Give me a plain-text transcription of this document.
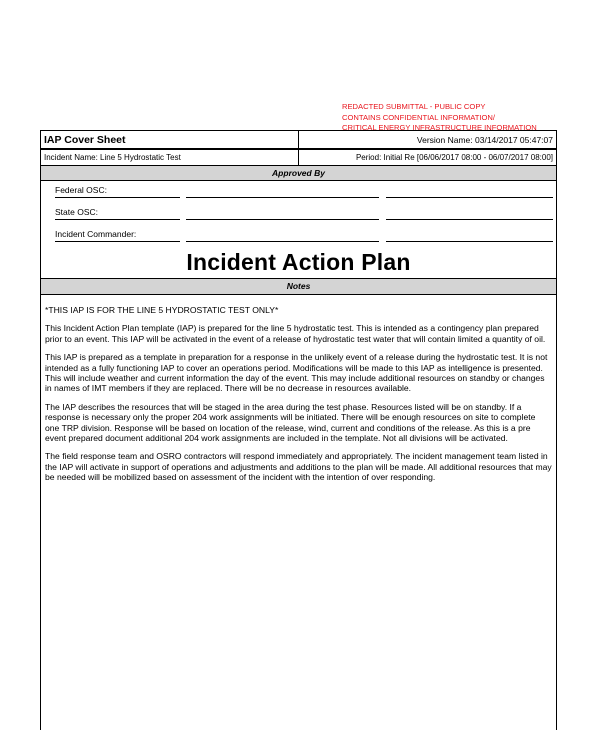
REDACTED SUBMITTAL - PUBLIC COPY
CONTAINS CONFIDENTIAL INFORMATION/
CRITICAL ENERGY INFRASTRUCTURE INFORMATION
IAP Cover Sheet	Version Name: 03/14/2017 05:47:07
Incident Name: Line 5 Hydrostatic Test	Period: Initial Re [06/06/2017 08:00 - 06/07/2017 08:00]
Approved By
Federal OSC:
State OSC:
Incident Commander:
Incident Action Plan
Notes

*THIS IAP IS FOR THE LINE 5 HYDROSTATIC TEST ONLY*

This Incident Action Plan template (IAP) is prepared for the line 5 hydrostatic test. This is intended as a contingency plan prepared prior to an event. This IAP will be activated in the event of a release of hydrostatic test water that will contain limited a quantity of oil.

This IAP is prepared as a template in preparation for a response in the unlikely event of a release during the hydrostatic test. It is not intended as a fully functioning IAP to cover an operations period. Modifications will be made to this IAP as intelligence is presented. This will include weather and current information the day of the event. This may include additional resources on standby or changes in names of IMT members if they are replaced. There will be no decrease in resources available.

The IAP describes the resources that will be staged in the area during the test phase. Resources listed will be on standby. If a response is necessary only the proper 204 work assignments will be initiated. There will be enough resources on site to complete one TRP division. Response will be based on location of the release, wind, current and conditions of the release. As this is a pre event prepared document additional 204 work assignments are included in the template. Not all divisions will be activated.

The field response team and OSRO contractors will respond immediately and appropriately. The incident management team listed in the IAP will activate in support of operations and adjustments and additions to the plan will be made. All additional resources that may be needed will be mobilized based on assessment of the incident with the intention of over responding.
